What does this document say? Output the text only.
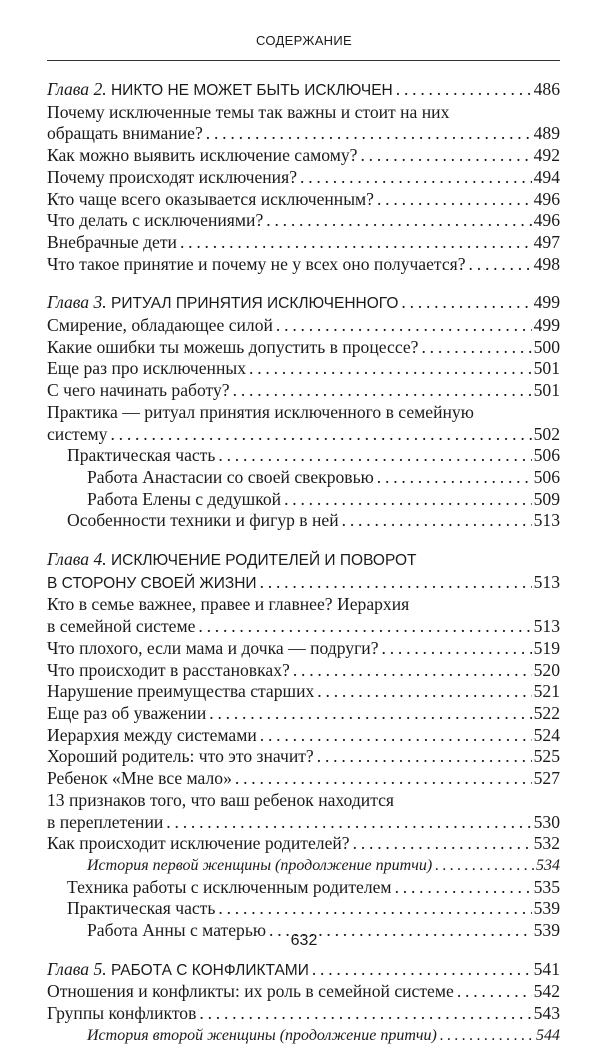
СОДЕРЖАНИЕ
Глава 2. НИКТО НЕ МОЖЕТ БЫТЬ ИСКЛЮЧЕН . . .	486
Почему исключенные темы так важны и стоит на них
обращать внимание? . . .	489
Как можно выявить исключение самому? . . .	492
Почему происходят исключения? . . .	494
Кто чаще всего оказывается исключенным? . . .	496
Что делать с исключениями? . . .	496
Внебрачные дети . . .	497
Что такое принятие и почему не у всех оно получается? . . .	498
Глава 3. РИТУАЛ ПРИНЯТИЯ ИСКЛЮЧЕННОГО . . .	499
Смирение, обладающее силой . . .	499
Какие ошибки ты можешь допустить в процессе? . . .	500
Еще раз про исключенных . . .	501
С чего начинать работу? . . .	501
Практика — ритуал принятия исключенного в семейную
систему . . .	502
Практическая часть . . .	506
Работа Анастасии со своей свекровью . . .	506
Работа Елены с дедушкой . . .	509
Особенности техники и фигур в ней . . .	513
Глава 4. ИСКЛЮЧЕНИЕ РОДИТЕЛЕЙ И ПОВОРОТ
В СТОРОНУ СВОЕЙ ЖИЗНИ . . .	513
Кто в семье важнее, правее и главнее? Иерархия
в семейной системе . . .	513
Что плохого, если мама и дочка — подруги? . . .	519
Что происходит в расстановках? . . .	520
Нарушение преимущества старших . . .	521
Еще раз об уважении . . .	522
Иерархия между системами . . .	524
Хороший родитель: что это значит? . . .	525
Ребенок «Мне все мало» . . .	527
13 признаков того, что ваш ребенок находится
в переплетении . . .	530
Как происходит исключение родителей? . . .	532
История первой женщины (продолжение притчи) . . .	534
Техника работы с исключенным родителем . . .	535
Практическая часть . . .	539
Работа Анны с матерью . . .	539
Глава 5. РАБОТА С КОНФЛИКТАМИ . . .	541
Отношения и конфликты: их роль в семейной системе . . .	542
Группы конфликтов . . .	543
История второй женщины (продолжение притчи) . . .	544
632
